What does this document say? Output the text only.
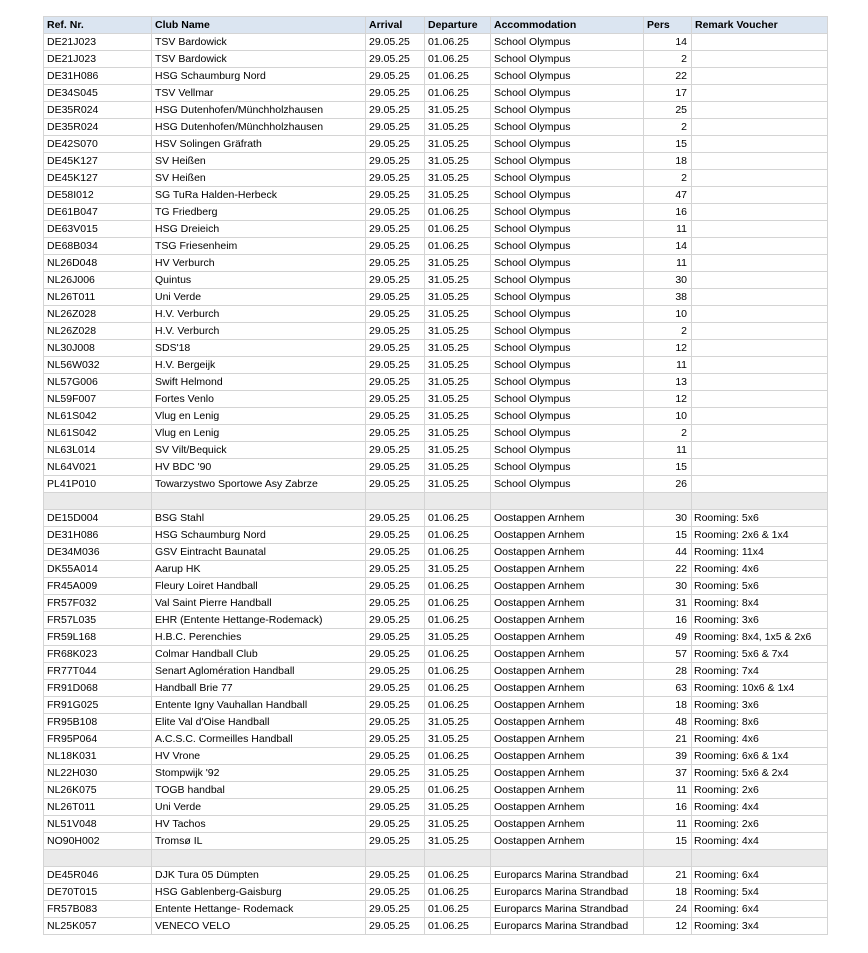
Ref. Nr.	Club Name	Arrival	Departure	Accommodation	Pers	Remark Voucher
DE21J023	TSV Bardowick	29.05.25	01.06.25	School Olympus	14	
DE21J023	TSV Bardowick	29.05.25	01.06.25	School Olympus	2	
DE31H086	HSG Schaumburg Nord	29.05.25	01.06.25	School Olympus	22	
DE34S045	TSV Vellmar	29.05.25	01.06.25	School Olympus	17	
DE35R024	HSG Dutenhofen/Münchholzhausen	29.05.25	31.05.25	School Olympus	25	
DE35R024	HSG Dutenhofen/Münchholzhausen	29.05.25	31.05.25	School Olympus	2	
DE42S070	HSV Solingen Gräfrath	29.05.25	31.05.25	School Olympus	15	
DE45K127	SV Heißen	29.05.25	31.05.25	School Olympus	18	
DE45K127	SV Heißen	29.05.25	31.05.25	School Olympus	2	
DE58I012	SG TuRa Halden-Herbeck	29.05.25	31.05.25	School Olympus	47	
DE61B047	TG Friedberg	29.05.25	01.06.25	School Olympus	16	
DE63V015	HSG Dreieich	29.05.25	01.06.25	School Olympus	11	
DE68B034	TSG Friesenheim	29.05.25	01.06.25	School Olympus	14	
NL26D048	HV Verburch	29.05.25	31.05.25	School Olympus	11	
NL26J006	Quintus	29.05.25	31.05.25	School Olympus	30	
NL26T011	Uni Verde	29.05.25	31.05.25	School Olympus	38	
NL26Z028	H.V. Verburch	29.05.25	31.05.25	School Olympus	10	
NL26Z028	H.V. Verburch	29.05.25	31.05.25	School Olympus	2	
NL30J008	SDS'18	29.05.25	31.05.25	School Olympus	12	
NL56W032	H.V. Bergeijk	29.05.25	31.05.25	School Olympus	11	
NL57G006	Swift Helmond	29.05.25	31.05.25	School Olympus	13	
NL59F007	Fortes Venlo	29.05.25	31.05.25	School Olympus	12	
NL61S042	Vlug en Lenig	29.05.25	31.05.25	School Olympus	10	
NL61S042	Vlug en Lenig	29.05.25	31.05.25	School Olympus	2	
NL63L014	SV Vilt/Bequick	29.05.25	31.05.25	School Olympus	11	
NL64V021	HV BDC '90	29.05.25	31.05.25	School Olympus	15	
PL41P010	Towarzystwo Sportowe Asy Zabrze	29.05.25	31.05.25	School Olympus	26	

DE15D004	BSG Stahl	29.05.25	01.06.25	Oostappen Arnhem	30	Rooming: 5x6
DE31H086	HSG Schaumburg Nord	29.05.25	01.06.25	Oostappen Arnhem	15	Rooming: 2x6 & 1x4
DE34M036	GSV Eintracht Baunatal	29.05.25	01.06.25	Oostappen Arnhem	44	Rooming: 11x4
DK55A014	Aarup HK	29.05.25	31.05.25	Oostappen Arnhem	22	Rooming: 4x6
FR45A009	Fleury Loiret Handball	29.05.25	01.06.25	Oostappen Arnhem	30	Rooming: 5x6
FR57F032	Val Saint Pierre Handball	29.05.25	01.06.25	Oostappen Arnhem	31	Rooming: 8x4
FR57L035	EHR (Entente Hettange-Rodemack)	29.05.25	01.06.25	Oostappen Arnhem	16	Rooming: 3x6
FR59L168	H.B.C. Perenchies	29.05.25	31.05.25	Oostappen Arnhem	49	Rooming: 8x4, 1x5 & 2x6
FR68K023	Colmar Handball Club	29.05.25	01.06.25	Oostappen Arnhem	57	Rooming: 5x6 & 7x4
FR77T044	Senart Aglomération Handball	29.05.25	01.06.25	Oostappen Arnhem	28	Rooming: 7x4
FR91D068	Handball Brie 77	29.05.25	01.06.25	Oostappen Arnhem	63	Rooming: 10x6 & 1x4
FR91G025	Entente Igny Vauhallan Handball	29.05.25	01.06.25	Oostappen Arnhem	18	Rooming: 3x6
FR95B108	Elite Val d'Oise Handball	29.05.25	31.05.25	Oostappen Arnhem	48	Rooming: 8x6
FR95P064	A.C.S.C. Cormeilles Handball	29.05.25	31.05.25	Oostappen Arnhem	21	Rooming: 4x6
NL18K031	HV Vrone	29.05.25	01.06.25	Oostappen Arnhem	39	Rooming: 6x6 & 1x4
NL22H030	Stompwijk '92	29.05.25	31.05.25	Oostappen Arnhem	37	Rooming: 5x6 & 2x4
NL26K075	TOGB handbal	29.05.25	01.06.25	Oostappen Arnhem	11	Rooming: 2x6
NL26T011	Uni Verde	29.05.25	31.05.25	Oostappen Arnhem	16	Rooming: 4x4
NL51V048	HV Tachos	29.05.25	31.05.25	Oostappen Arnhem	11	Rooming: 2x6
NO90H002	Tromsø IL	29.05.25	31.05.25	Oostappen Arnhem	15	Rooming: 4x4

DE45R046	DJK Tura 05 Dümpten	29.05.25	01.06.25	Europarcs Marina Strandbad	21	Rooming: 6x4
DE70T015	HSG Gablenberg-Gaisburg	29.05.25	01.06.25	Europarcs Marina Strandbad	18	Rooming: 5x4
FR57B083	Entente Hettange- Rodemack	29.05.25	01.06.25	Europarcs Marina Strandbad	24	Rooming: 6x4
NL25K057	VENECO VELO	29.05.25	01.06.25	Europarcs Marina Strandbad	12	Rooming: 3x4
